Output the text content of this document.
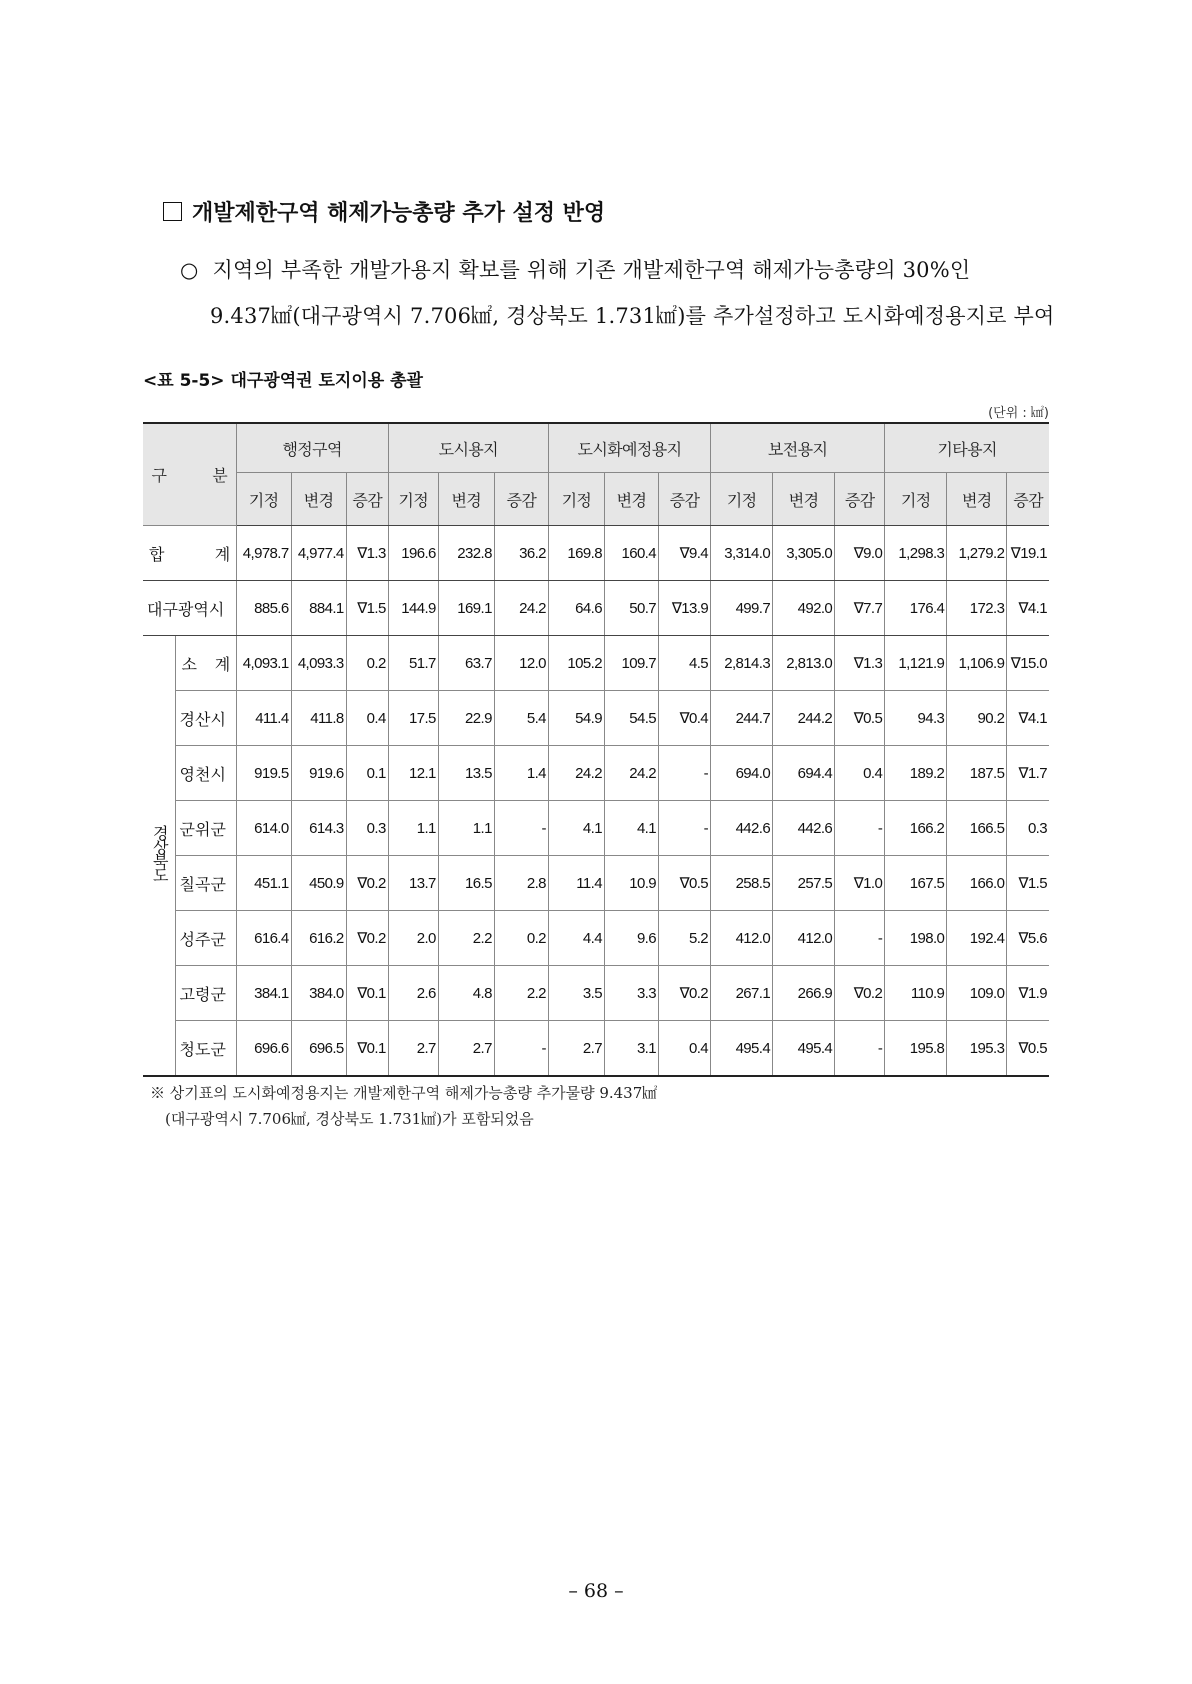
개발제한구역 해제가능총량 추가 설정 반영
○ 지역의 부족한 개발가용지 확보를 위해 기존 개발제한구역 해제가능총량의 30%인
9.437㎢(대구광역시 7.706㎢, 경상북도 1.731㎢)를 추가설정하고 도시화예정용지로 부여
<표 5-5> 대구광역권 토지이용 총괄
(단위 : ㎢)
구 분		행정구역			도시용지			도시화예정용지			보전용지			기타용지		
		기정	변경	증감	기정	변경	증감	기정	변경	증감	기정	변경	증감	기정	변경	증감
합 계		4,978.7	4,977.4	∇1.3	196.6	232.8	36.2	169.8	160.4	∇9.4	3,314.0	3,305.0	∇9.0	1,298.3	1,279.2	∇19.1
대구광역시		885.6	884.1	∇1.5	144.9	169.1	24.2	64.6	50.7	∇13.9	499.7	492.0	∇7.7	176.4	172.3	∇4.1
경상북도	소 계	4,093.1	4,093.3	0.2	51.7	63.7	12.0	105.2	109.7	4.5	2,814.3	2,813.0	∇1.3	1,121.9	1,106.9	∇15.0
	경산시	411.4	411.8	0.4	17.5	22.9	5.4	54.9	54.5	∇0.4	244.7	244.2	∇0.5	94.3	90.2	∇4.1
	영천시	919.5	919.6	0.1	12.1	13.5	1.4	24.2	24.2	-	694.0	694.4	0.4	189.2	187.5	∇1.7
	군위군	614.0	614.3	0.3	1.1	1.1	-	4.1	4.1	-	442.6	442.6	-	166.2	166.5	0.3
	칠곡군	451.1	450.9	∇0.2	13.7	16.5	2.8	11.4	10.9	∇0.5	258.5	257.5	∇1.0	167.5	166.0	∇1.5
	성주군	616.4	616.2	∇0.2	2.0	2.2	0.2	4.4	9.6	5.2	412.0	412.0	-	198.0	192.4	∇5.6
	고령군	384.1	384.0	∇0.1	2.6	4.8	2.2	3.5	3.3	∇0.2	267.1	266.9	∇0.2	110.9	109.0	∇1.9
	청도군	696.6	696.5	∇0.1	2.7	2.7	-	2.7	3.1	0.4	495.4	495.4	-	195.8	195.3	∇0.5
※ 상기표의 도시화예정용지는 개발제한구역 해제가능총량 추가물량 9.437㎢
(대구광역시 7.706㎢, 경상북도 1.731㎢)가 포함되었음
– 68 –
